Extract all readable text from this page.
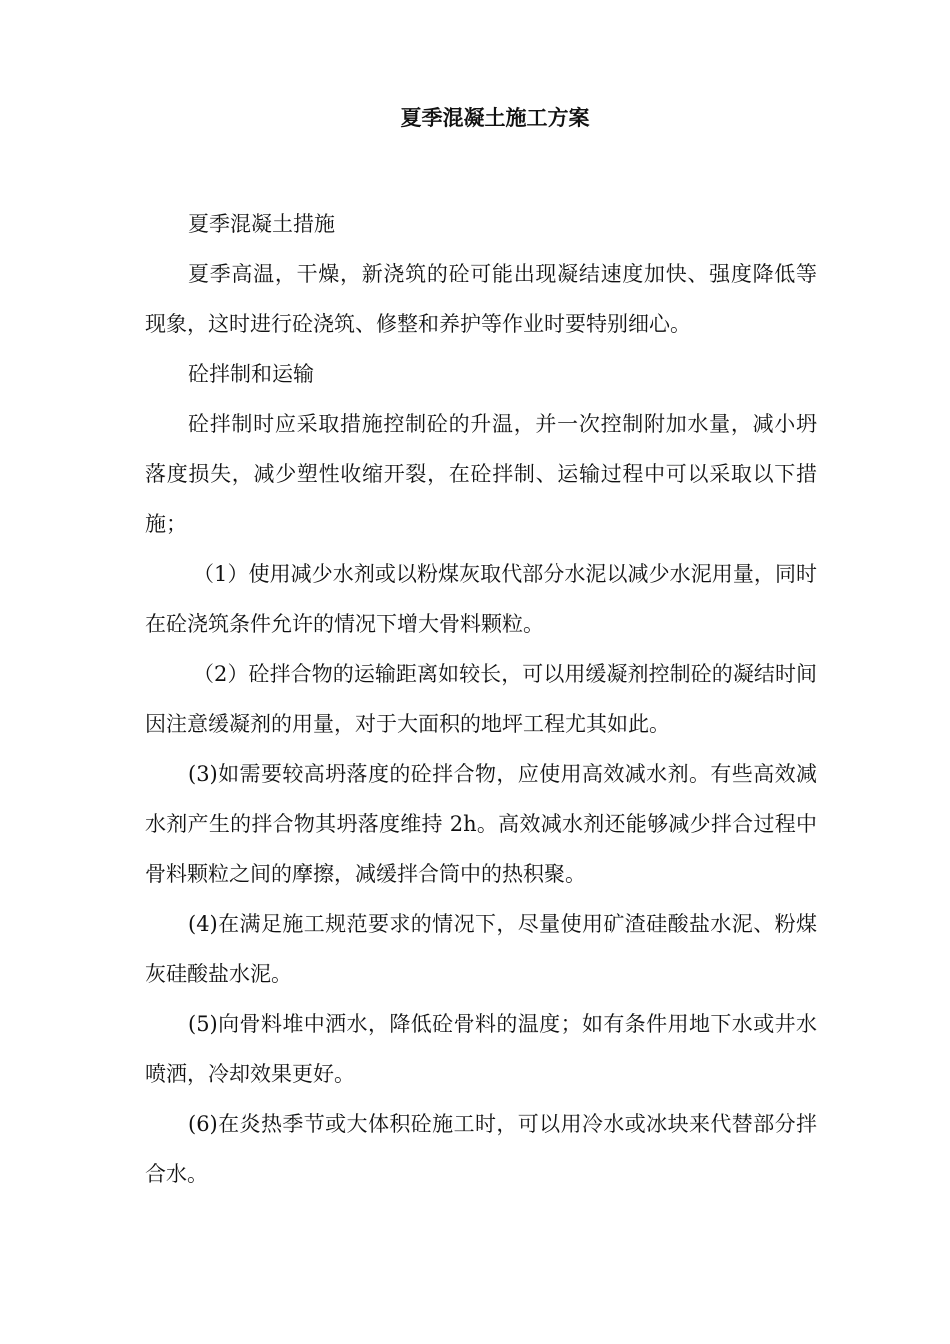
夏季混凝土施工方案

夏季混凝土措施

夏季高温，干燥，新浇筑的砼可能出现凝结速度加快、强度降低等现象，这时进行砼浇筑、修整和养护等作业时要特别细心。

砼拌制和运输

砼拌制时应采取措施控制砼的升温，并一次控制附加水量，减小坍落度损失，减少塑性收缩开裂，在砼拌制、运输过程中可以采取以下措施；

（1）使用减少水剂或以粉煤灰取代部分水泥以减少水泥用量，同时在砼浇筑条件允许的情况下增大骨料颗粒。

（2）砼拌合物的运输距离如较长，可以用缓凝剂控制砼的凝结时间因注意缓凝剂的用量，对于大面积的地坪工程尤其如此。

(3)如需要较高坍落度的砼拌合物，应使用高效减水剂。有些高效减水剂产生的拌合物其坍落度维持 2h。高效减水剂还能够减少拌合过程中骨料颗粒之间的摩擦，减缓拌合筒中的热积聚。

(4)在满足施工规范要求的情况下，尽量使用矿渣硅酸盐水泥、粉煤灰硅酸盐水泥。

(5)向骨料堆中洒水，降低砼骨料的温度；如有条件用地下水或井水喷洒，冷却效果更好。

(6)在炎热季节或大体积砼施工时，可以用冷水或冰块来代替部分拌合水。
